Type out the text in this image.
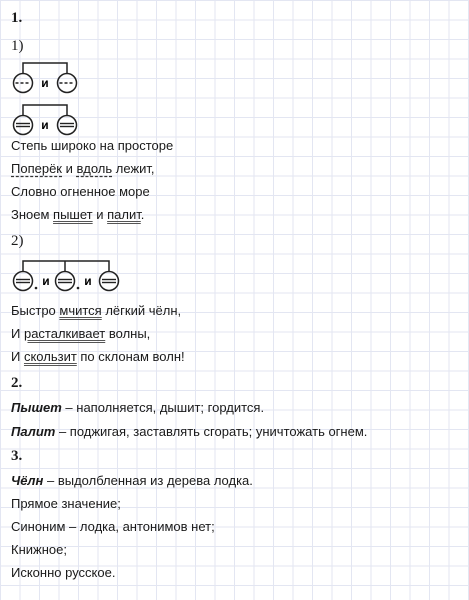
1.
1)
и
и
Степь широко на просторе
Поперёк и вдоль лежит,
Словно огненное море
Зноем пышет и палит.
2)
и	и
Быстро мчится лёгкий чёлн,
И расталкивает волны,
И скользит по склонам волн!
2.
Пышет – наполняется, дышит; гордится.
Палит – поджигая, заставлять сгорать; уничтожать огнем.
3.
Чёлн – выдолбленная из дерева лодка.
Прямое значение;
Синоним – лодка, антонимов нет;
Книжное;
Исконно русское.
